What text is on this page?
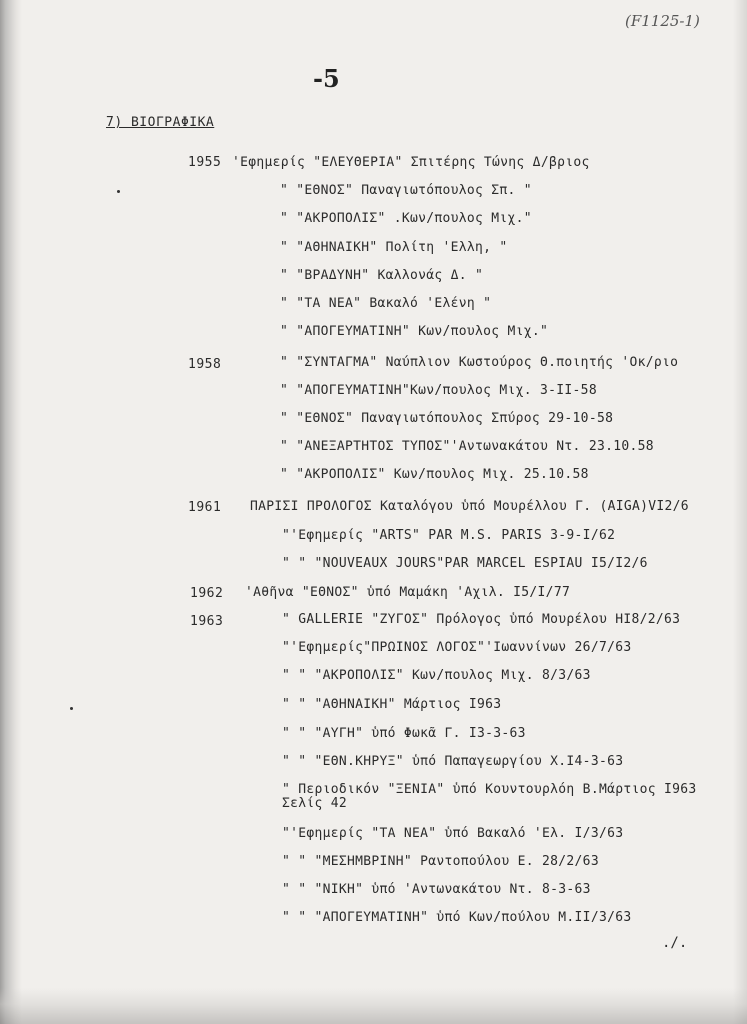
(F1125-1)
-5
7) ΒΙΟΓΡΑΦΙΚΑ
1955 'Εφημερίς "ΕΛΕΥΘΕΡΙΑ" Σπιτέρης Τώνης Δ/βριος
" "ΕΘΝΟΣ" Παναγιωτόπουλος Σπ. "
" "ΑΚΡΟΠΟΛΙΣ" .Κων/πουλος Μιχ."
" "ΑΘΗΝΑΙΚΗ" Πολίτη 'Ελλη, "
" "ΒΡΑΔΥΝΗ" Καλλονάς Δ. "
" "ΤΑ ΝΕΑ" Βακαλό 'Ελένη "
" "ΑΠΟΓΕΥΜΑΤΙΝΗ" Κων/πουλος Μιχ."
1958	" "ΣΥΝΤΑΓΜΑ" Ναύπλιον Κωστούρος Θ.ποιητής 'Οκ/ριο
" "ΑΠΟΓΕΥΜΑΤΙΝΗ"Κων/πουλος Μιχ. 3-II-58
" "ΕΘΝΟΣ" Παναγιωτόπουλος Σπύρος 29-10-58
" "ΑΝΕΞΑΡΤΗΤΟΣ ΤΥΠΟΣ"'Αντωνακάτου Ντ. 23.10.58
" "ΑΚΡΟΠΟΛΙΣ" Κων/πουλος Μιχ. 25.10.58
1961 ΠΑΡΙΣΙ ΠΡΟΛΟΓΟΣ Καταλόγου ὑπό Μουρέλλου Γ. (AIGA)VI2/6
"'Εφημερίς "ARTS" PAR M.S. PARIS 3-9-I/62
" " "NOUVEAUX JOURS"PAR MARCEL ESPIAU I5/I2/6
1962 'Αθῆνα "ΕΘΝΟΣ" ὑπό Μαμάκη 'Αχιλ. I5/I/77
1963	" GALLERIE "ΖΥΓΟΣ" Πρόλογος ὑπό Μουρέλου ΗΙ8/2/63
"'Εφημερίς"ΠΡΩΙΝΟΣ ΛΟΓΟΣ"'Ιωαννίνων 26/7/63
" " "ΑΚΡΟΠΟΛΙΣ" Κων/πουλος Μιχ. 8/3/63
" " "ΑΘΗΝΑΙΚΗ" Μάρτιος I963
" " "ΑΥΓΗ" ὑπό Φωκᾶ Γ. I3-3-63
" " "ΕΘΝ.ΚΗΡΥΞ" ὑπό Παπαγεωργίου Χ.Ι4-3-63
" Περιοδικόν "ΞΕΝΙΑ" ὑπό Κουντουρλόη Β.Μάρτιος I963
Σελίς 42
"'Εφημερίς "ΤΑ ΝΕΑ" ὑπό Βακαλό 'Ελ. I/3/63
" " "ΜΕΣΗΜΒΡΙΝΗ" Ραντοπούλου Ε. 28/2/63
" " "ΝΙΚΗ" ὑπό 'Αντωνακάτου Ντ. 8-3-63
" " "ΑΠΟΓΕΥΜΑΤΙΝΗ" ὑπό Κων/πούλου Μ.II/3/63
./.
